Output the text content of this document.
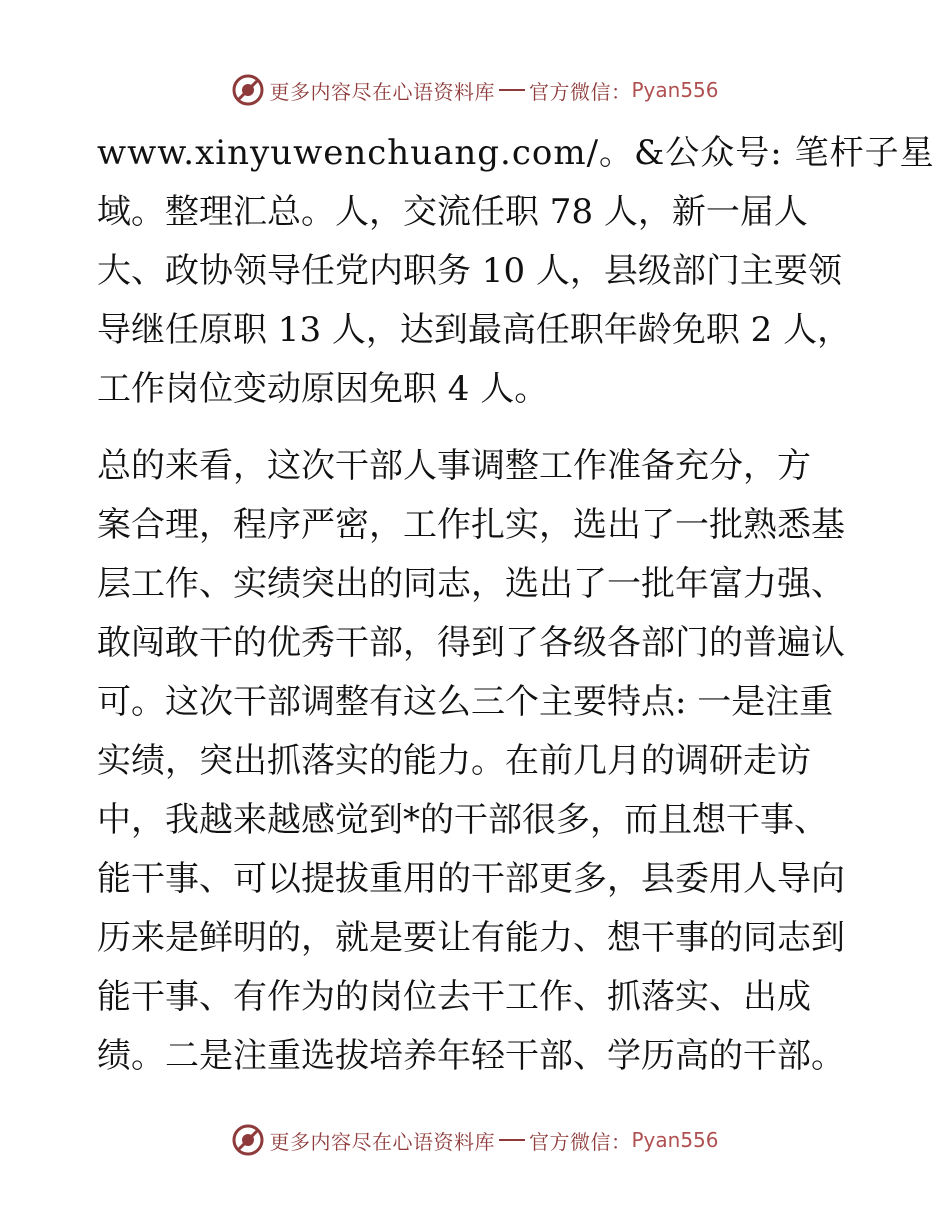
更多内容尽在心语资料库 官方微信： Pyan556
www.xinyuwenchuang.com/。&公众号: 笔杆子星
域。整理汇总。人，交流任职 78 人，新一届人
大、政协领导任党内职务 10 人，县级部门主要领
导继任原职 13 人，达到最高任职年龄免职 2 人，
工作岗位变动原因免职 4 人。
总的来看，这次干部人事调整工作准备充分，方
案合理，程序严密，工作扎实，选出了一批熟悉基
层工作、实绩突出的同志，选出了一批年富力强、
敢闯敢干的优秀干部，得到了各级各部门的普遍认
可。这次干部调整有这么三个主要特点: 一是注重
实绩，突出抓落实的能力。在前几月的调研走访
中，我越来越感觉到*的干部很多，而且想干事、
能干事、可以提拔重用的干部更多，县委用人导向
历来是鲜明的，就是要让有能力、想干事的同志到
能干事、有作为的岗位去干工作、抓落实、出成
绩。二是注重选拔培养年轻干部、学历高的干部。
更多内容尽在心语资料库 官方微信： Pyan556
